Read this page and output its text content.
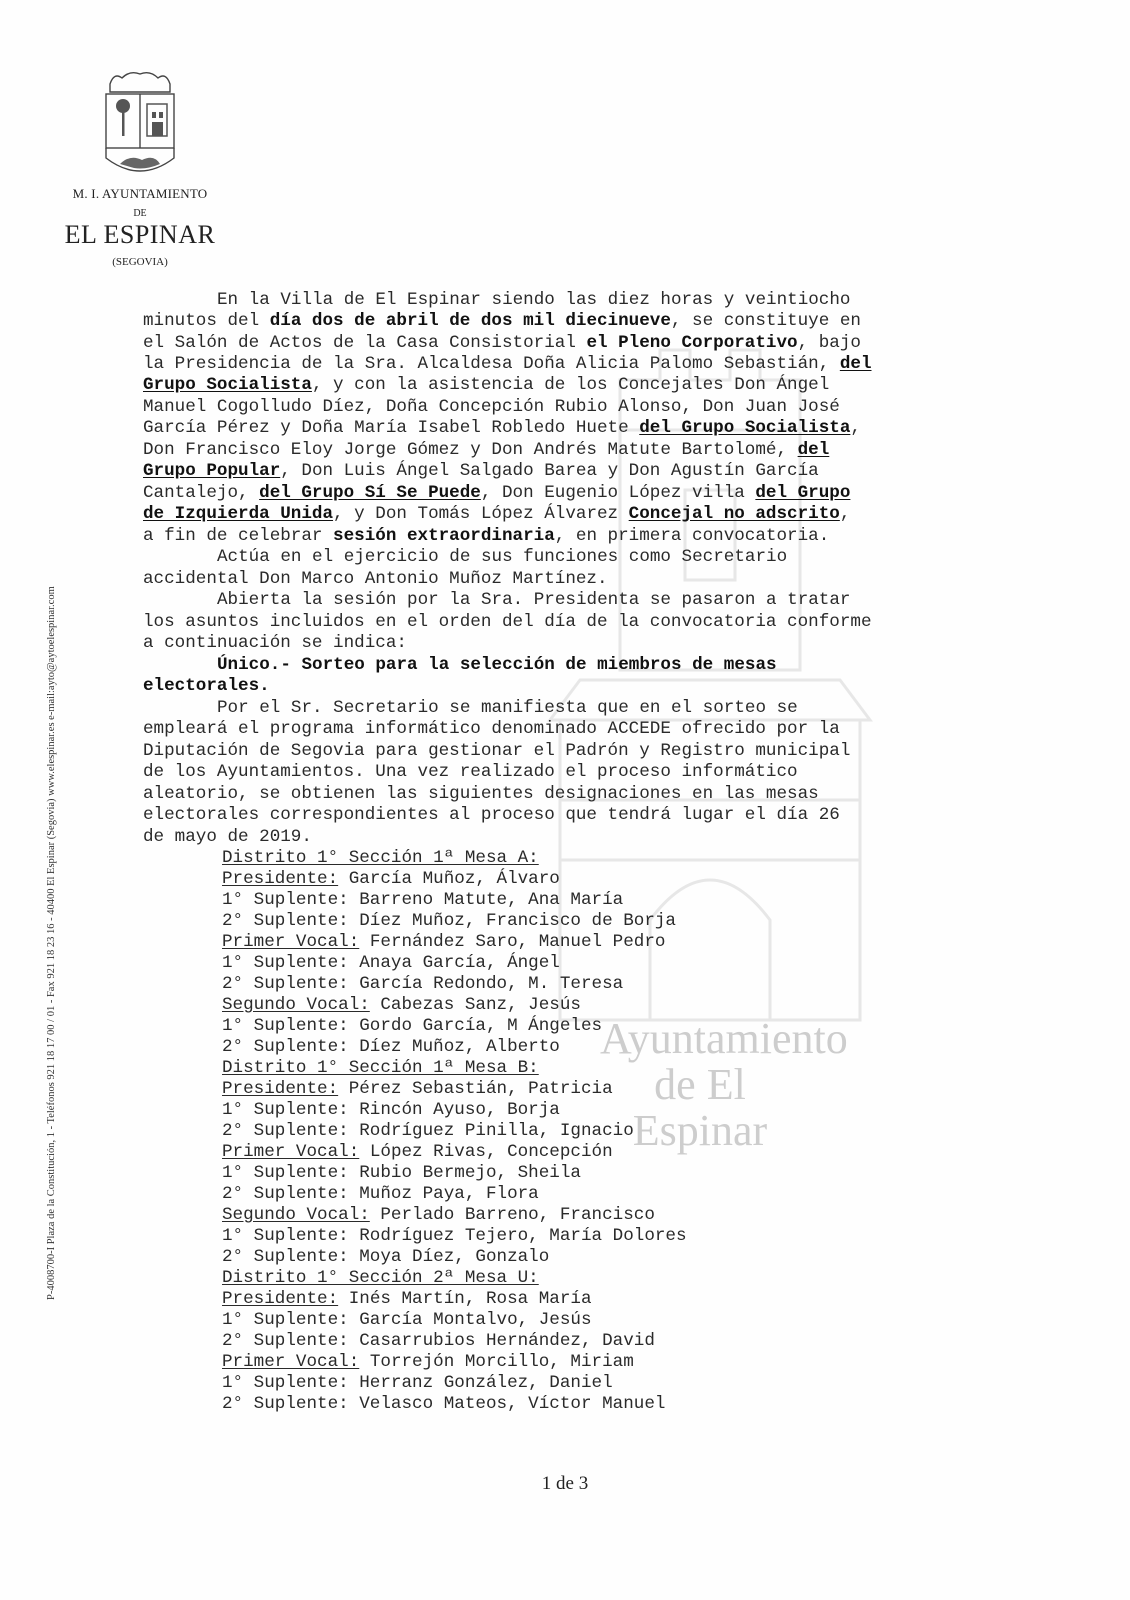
Ayuntamiento de El Espinar
M. I. AYUNTAMIENTO
DE
EL ESPINAR
(SEGOVIA)
P-4008700-I Plaza de la Constitución, 1 - Teléfonos 921 18 17 00 / 01 - Fax 921 18 23 16 - 40400 El Espinar (Segovia) www.elespinar.es e-mail:ayto@aytoelespinar.com
En la Villa de El Espinar siendo las diez horas y veintiocho
minutos del día dos de abril de dos mil diecinueve, se constituye en
el Salón de Actos de la Casa Consistorial el Pleno Corporativo, bajo
la Presidencia de la Sra. Alcaldesa Doña Alicia Palomo Sebastián, del
Grupo Socialista, y con la asistencia de los Concejales Don Ángel
Manuel Cogolludo Díez, Doña Concepción Rubio Alonso, Don Juan José
García Pérez y Doña María Isabel Robledo Huete del Grupo Socialista,
Don Francisco Eloy Jorge Gómez y Don Andrés Matute Bartolomé, del
Grupo Popular, Don Luis Ángel Salgado Barea y Don Agustín García
Cantalejo, del Grupo Sí Se Puede, Don Eugenio López villa del Grupo
de Izquierda Unida, y Don Tomás López Álvarez Concejal no adscrito,
a fin de celebrar sesión extraordinaria, en primera convocatoria.
Actúa en el ejercicio de sus funciones como Secretario
accidental Don Marco Antonio Muñoz Martínez.
Abierta la sesión por la Sra. Presidenta se pasaron a tratar
los asuntos incluidos en el orden del día de la convocatoria conforme
a continuación se indica:
Único.- Sorteo para la selección de miembros de mesas
electorales.
Por el Sr. Secretario se manifiesta que en el sorteo se
empleará el programa informático denominado ACCEDE ofrecido por la
Diputación de Segovia para gestionar el Padrón y Registro municipal
de los Ayuntamientos. Una vez realizado el proceso informático
aleatorio, se obtienen las siguientes designaciones en las mesas
electorales correspondientes al proceso que tendrá lugar el día 26
de mayo de 2019.
Distrito 1° Sección 1ª Mesa A:
Presidente: García Muñoz, Álvaro
1° Suplente: Barreno Matute, Ana María
2° Suplente: Díez Muñoz, Francisco de Borja
Primer Vocal: Fernández Saro, Manuel Pedro
1° Suplente: Anaya García, Ángel
2° Suplente: García Redondo, M. Teresa
Segundo Vocal: Cabezas Sanz, Jesús
1° Suplente: Gordo García, M Ángeles
2° Suplente: Díez Muñoz, Alberto
Distrito 1° Sección 1ª Mesa B:
Presidente: Pérez Sebastián, Patricia
1° Suplente: Rincón Ayuso, Borja
2° Suplente: Rodríguez Pinilla, Ignacio
Primer Vocal: López Rivas, Concepción
1° Suplente: Rubio Bermejo, Sheila
2° Suplente: Muñoz Paya, Flora
Segundo Vocal: Perlado Barreno, Francisco
1° Suplente: Rodríguez Tejero, María Dolores
2° Suplente: Moya Díez, Gonzalo
Distrito 1° Sección 2ª Mesa U:
Presidente: Inés Martín, Rosa María
1° Suplente: García Montalvo, Jesús
2° Suplente: Casarrubios Hernández, David
Primer Vocal: Torrejón Morcillo, Miriam
1° Suplente: Herranz González, Daniel
2° Suplente: Velasco Mateos, Víctor Manuel
1 de 3
